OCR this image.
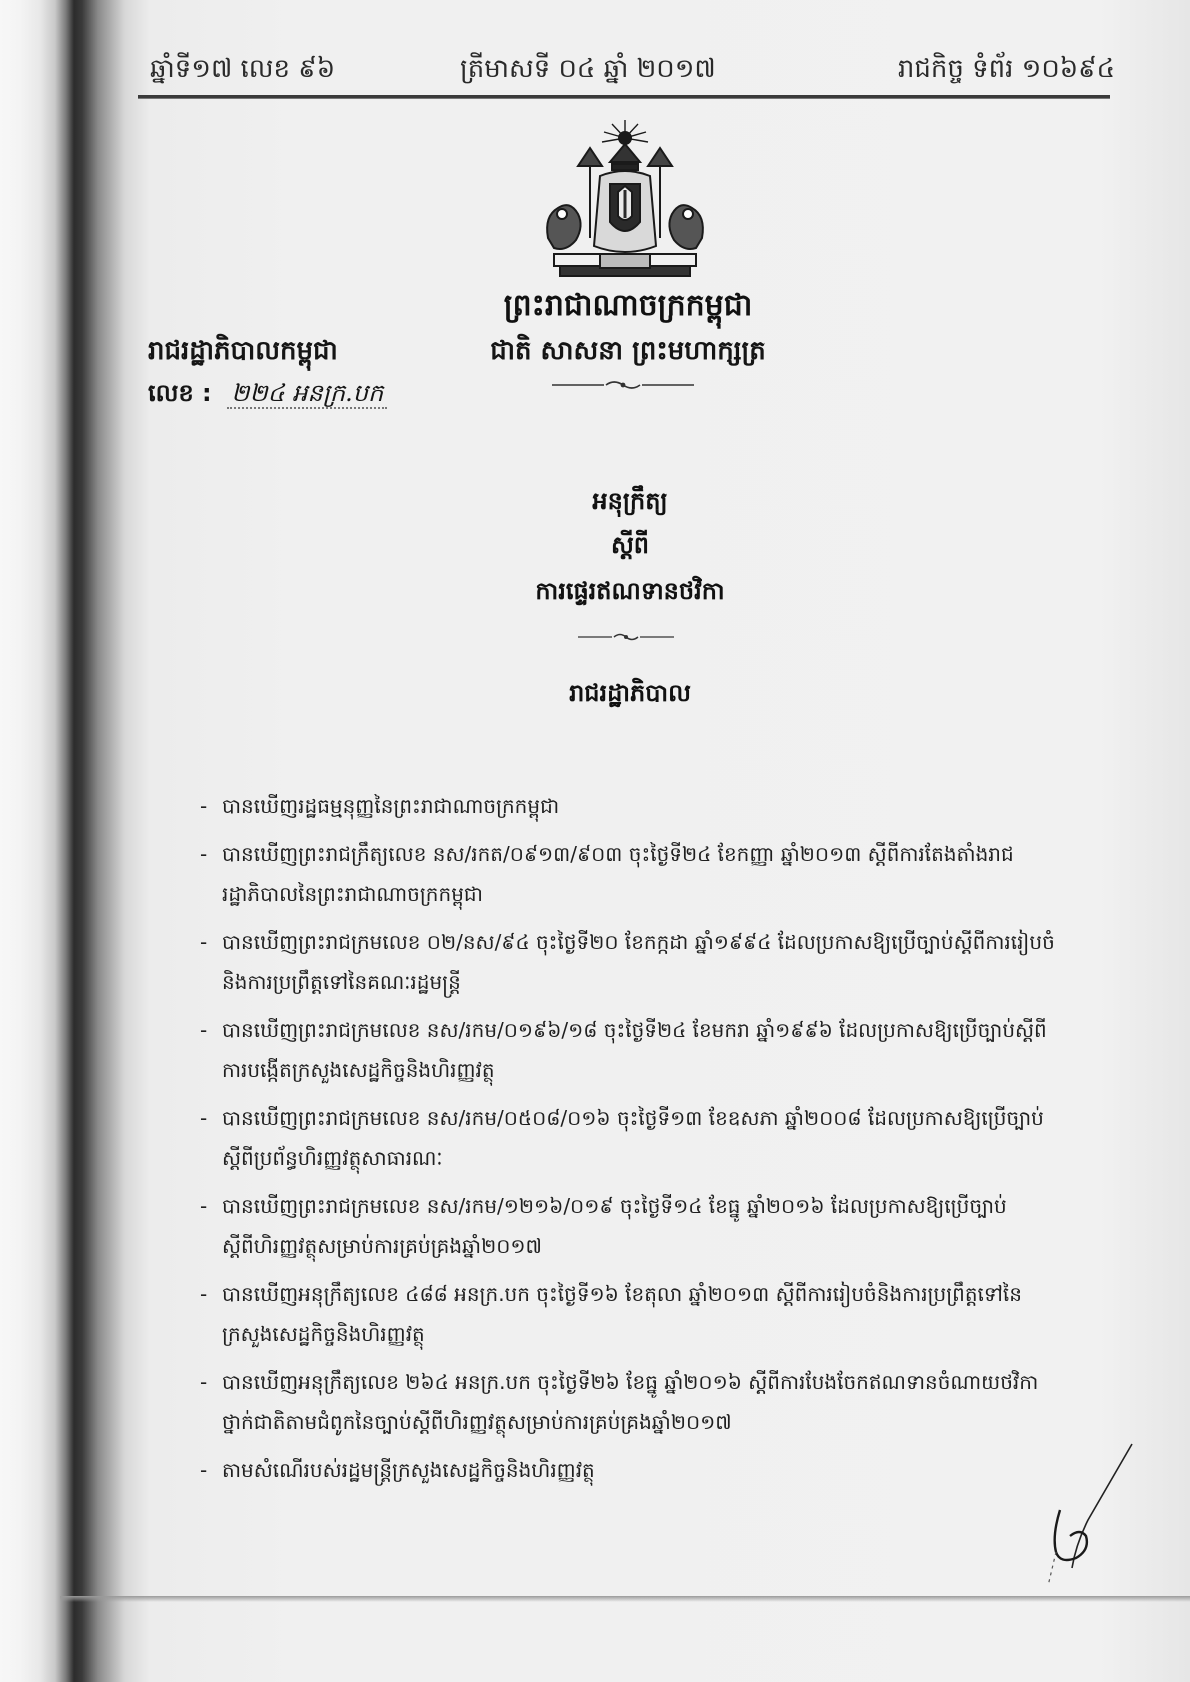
ឆ្នាំទី១៧ លេខ ៩៦	ត្រីមាសទី ០៤ ឆ្នាំ ២០១៧	រាជកិច្ច ទំព័រ ១០៦៩៤
ព្រះរាជាណាចក្រកម្ពុជា
រាជរដ្ឋាភិបាលកម្ពុជា	ជាតិ សាសនា ព្រះមហាក្សត្រ
លេខ : ២២៤ អនក្រ.បក
អនុក្រឹត្យ
ស្តីពី
ការផ្ទេរឥណទានថវិកា
រាជរដ្ឋាភិបាល
- បានឃើញរដ្ឋធម្មនុញ្ញនៃព្រះរាជាណាចក្រកម្ពុជា
- បានឃើញព្រះរាជក្រឹត្យលេខ នស/រកត/០៩១៣/៩០៣ ចុះថ្ងៃទី២៤ ខែកញ្ញា ឆ្នាំ២០១៣ ស្តីពីការតែងតាំងរាជរដ្ឋាភិបាលនៃព្រះរាជាណាចក្រកម្ពុជា
- បានឃើញព្រះរាជក្រមលេខ ០២/នស/៩៤ ចុះថ្ងៃទី២០ ខែកក្កដា ឆ្នាំ១៩៩៤ ដែលប្រកាសឱ្យប្រើច្បាប់ស្តីពីការរៀបចំនិងការប្រព្រឹត្តទៅនៃគណៈរដ្ឋមន្ត្រី
- បានឃើញព្រះរាជក្រមលេខ នស/រកម/០១៩៦/១៨ ចុះថ្ងៃទី២៤ ខែមករា ឆ្នាំ១៩៩៦ ដែលប្រកាសឱ្យប្រើច្បាប់ស្តីពីការបង្កើតក្រសួងសេដ្ឋកិច្ចនិងហិរញ្ញវត្ថុ
- បានឃើញព្រះរាជក្រមលេខ នស/រកម/០៥០៨/០១៦ ចុះថ្ងៃទី១៣ ខែឧសភា ឆ្នាំ២០០៨ ដែលប្រកាសឱ្យប្រើច្បាប់ស្តីពីប្រព័ន្ធហិរញ្ញវត្ថុសាធារណៈ
- បានឃើញព្រះរាជក្រមលេខ នស/រកម/១២១៦/០១៩ ចុះថ្ងៃទី១៤ ខែធ្នូ ឆ្នាំ២០១៦ ដែលប្រកាសឱ្យប្រើច្បាប់ស្តីពីហិរញ្ញវត្ថុសម្រាប់ការគ្រប់គ្រងឆ្នាំ២០១៧
- បានឃើញអនុក្រឹត្យលេខ ៤៨៨ អនក្រ.បក ចុះថ្ងៃទី១៦ ខែតុលា ឆ្នាំ២០១៣ ស្តីពីការរៀបចំនិងការប្រព្រឹត្តទៅនៃក្រសួងសេដ្ឋកិច្ចនិងហិរញ្ញវត្ថុ
- បានឃើញអនុក្រឹត្យលេខ ២៦៤ អនក្រ.បក ចុះថ្ងៃទី២៦ ខែធ្នូ ឆ្នាំ២០១៦ ស្តីពីការបែងចែកឥណទានចំណាយថវិកាថ្នាក់ជាតិតាមជំពូកនៃច្បាប់ស្តីពីហិរញ្ញវត្ថុសម្រាប់ការគ្រប់គ្រងឆ្នាំ២០១៧
- តាមសំណើរបស់រដ្ឋមន្ត្រីក្រសួងសេដ្ឋកិច្ចនិងហិរញ្ញវត្ថុ
